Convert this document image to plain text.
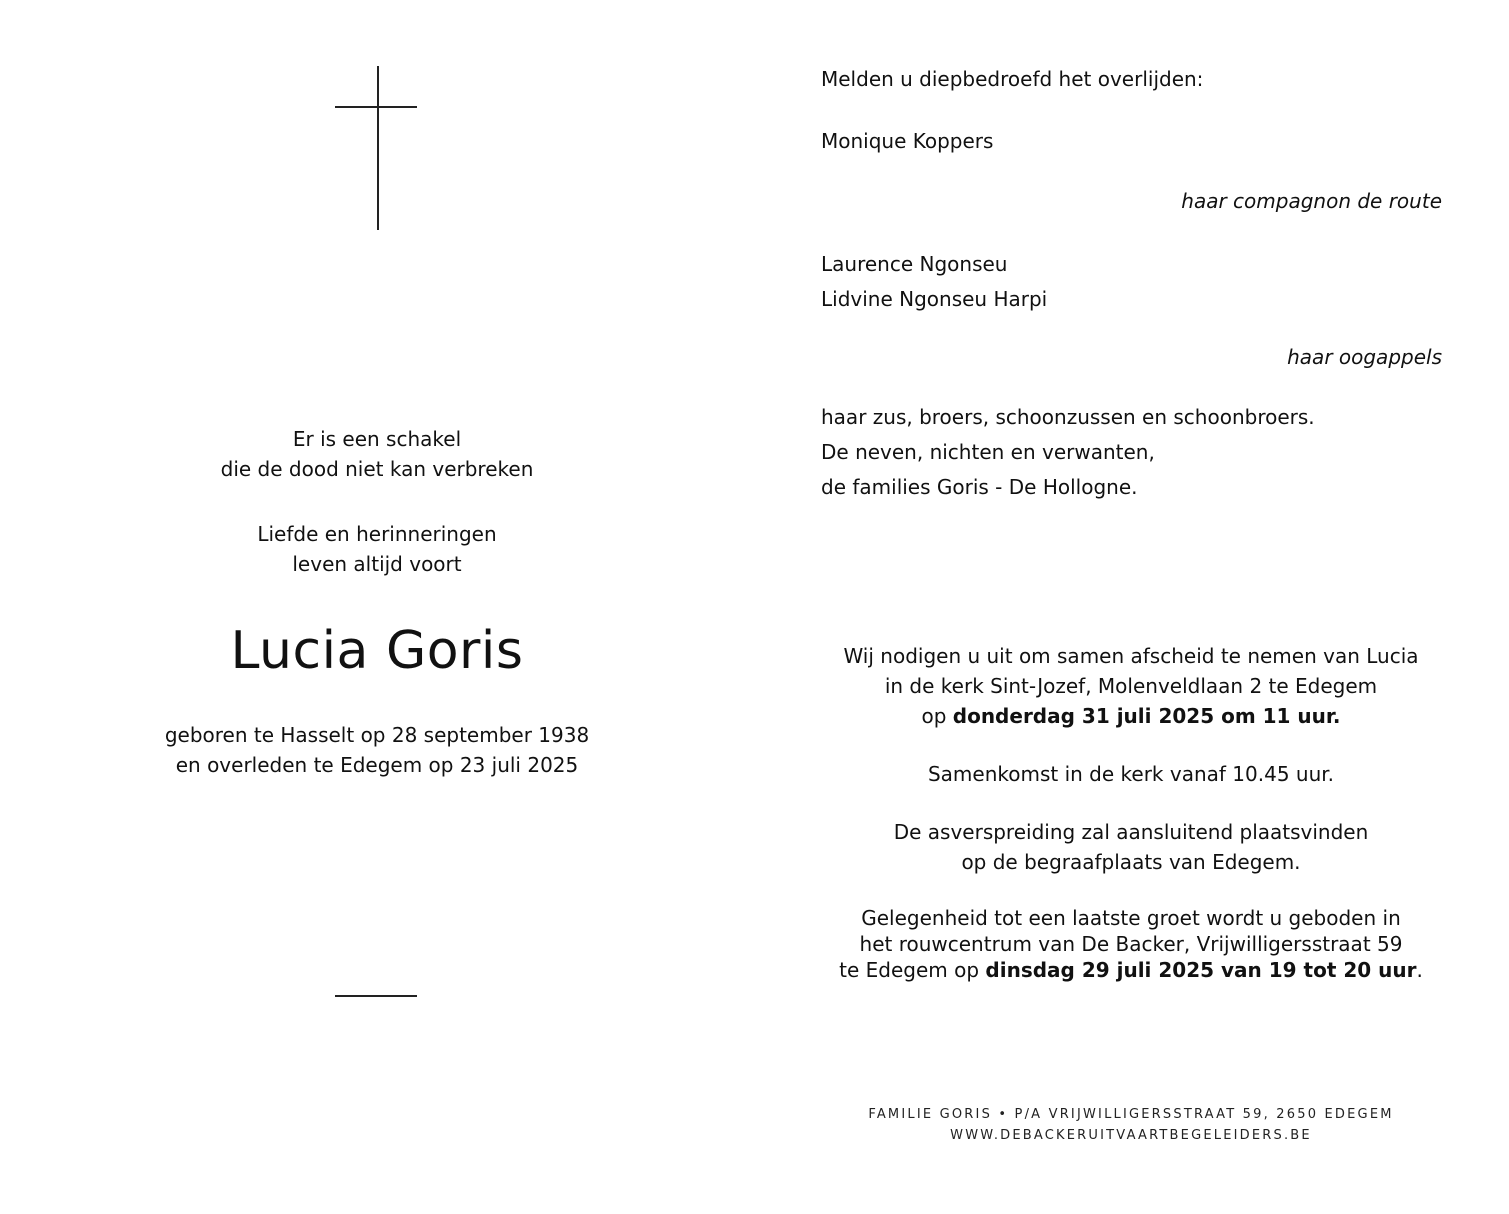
Er is een schakel
die de dood niet kan verbreken
Liefde en herinneringen
leven altijd voort
Lucia Goris
geboren te Hasselt op 28 september 1938
en overleden te Edegem op 23 juli 2025
Melden u diepbedroefd het overlijden:
Monique Koppers
haar compagnon de route
Laurence Ngonseu
Lidvine Ngonseu Harpi
haar oogappels
haar zus, broers, schoonzussen en schoonbroers.
De neven, nichten en verwanten,
de families Goris - De Hollogne.
Wij nodigen u uit om samen afscheid te nemen van Lucia
in de kerk Sint-Jozef, Molenveldlaan 2 te Edegem
op donderdag 31 juli 2025 om 11 uur.
Samenkomst in de kerk vanaf 10.45 uur.
De asverspreiding zal aansluitend plaatsvinden
op de begraafplaats van Edegem.
Gelegenheid tot een laatste groet wordt u geboden in
het rouwcentrum van De Backer, Vrijwilligersstraat 59
te Edegem op dinsdag 29 juli 2025 van 19 tot 20 uur.
FAMILIE GORIS • P/A VRIJWILLIGERSSTRAAT 59, 2650 EDEGEM
WWW.DEBACKERUITVAARTBEGELEIDERS.BE
